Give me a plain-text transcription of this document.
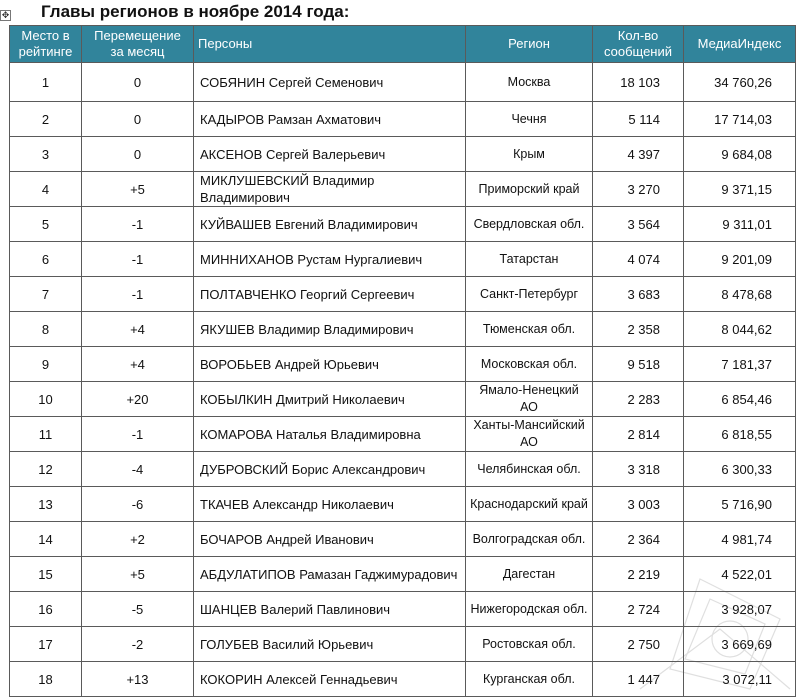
✥ Главы регионов в ноябре 2014 года:
Место в рейтинге	Перемещение за месяц	Персоны	Регион	Кол-во сообщений	МедиаИндекс
1	0	СОБЯНИН Сергей Семенович	Москва	18 103	34 760,26
2	0	КАДЫРОВ Рамзан Ахматович	Чечня	5 114	17 714,03
3	0	АКСЕНОВ Сергей Валерьевич	Крым	4 397	9 684,08
4	+5	МИКЛУШЕВСКИЙ Владимир Владимирович	Приморский край	3 270	9 371,15
5	-1	КУЙВАШЕВ Евгений Владимирович	Свердловская обл.	3 564	9 311,01
6	-1	МИННИХАНОВ Рустам Нургалиевич	Татарстан	4 074	9 201,09
7	-1	ПОЛТАВЧЕНКО Георгий Сергеевич	Санкт-Петербург	3 683	8 478,68
8	+4	ЯКУШЕВ Владимир Владимирович	Тюменская обл.	2 358	8 044,62
9	+4	ВОРОБЬЕВ Андрей Юрьевич	Московская обл.	9 518	7 181,37
10	+20	КОБЫЛКИН Дмитрий Николаевич	Ямало-Ненецкий АО	2 283	6 854,46
11	-1	КОМАРОВА Наталья Владимировна	Ханты-Мансийский АО	2 814	6 818,55
12	-4	ДУБРОВСКИЙ Борис Александрович	Челябинская обл.	3 318	6 300,33
13	-6	ТКАЧЕВ Александр Николаевич	Краснодарский край	3 003	5 716,90
14	+2	БОЧАРОВ Андрей Иванович	Волгоградская обл.	2 364	4 981,74
15	+5	АБДУЛАТИПОВ Рамазан Гаджимурадович	Дагестан	2 219	4 522,01
16	-5	ШАНЦЕВ Валерий Павлинович	Нижегородская обл.	2 724	3 928,07
17	-2	ГОЛУБЕВ Василий Юрьевич	Ростовская обл.	2 750	3 669,69
18	+13	КОКОРИН Алексей Геннадьевич	Курганская обл.	1 447	3 072,11
